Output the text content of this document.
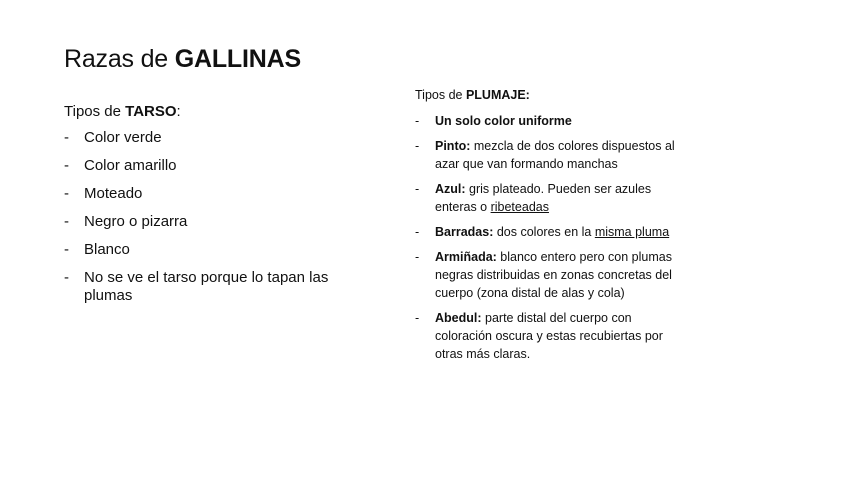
Razas de GALLINAS
Tipos de TARSO:
- Color verde
- Color amarillo
- Moteado
- Negro o pizarra
- Blanco
- No se ve el tarso porque lo tapan las plumas
Tipos de PLUMAJE:
- Un solo color uniforme
- Pinto: mezcla de dos colores dispuestos al azar que van formando manchas
- Azul: gris plateado. Pueden ser azules enteras o ribeteadas
- Barradas: dos colores en la misma pluma
- Armiñada: blanco entero pero con plumas negras distribuidas en zonas concretas del cuerpo (zona distal de alas y cola)
- Abedul: parte distal del cuerpo con coloración oscura y estas recubiertas por otras más claras.
